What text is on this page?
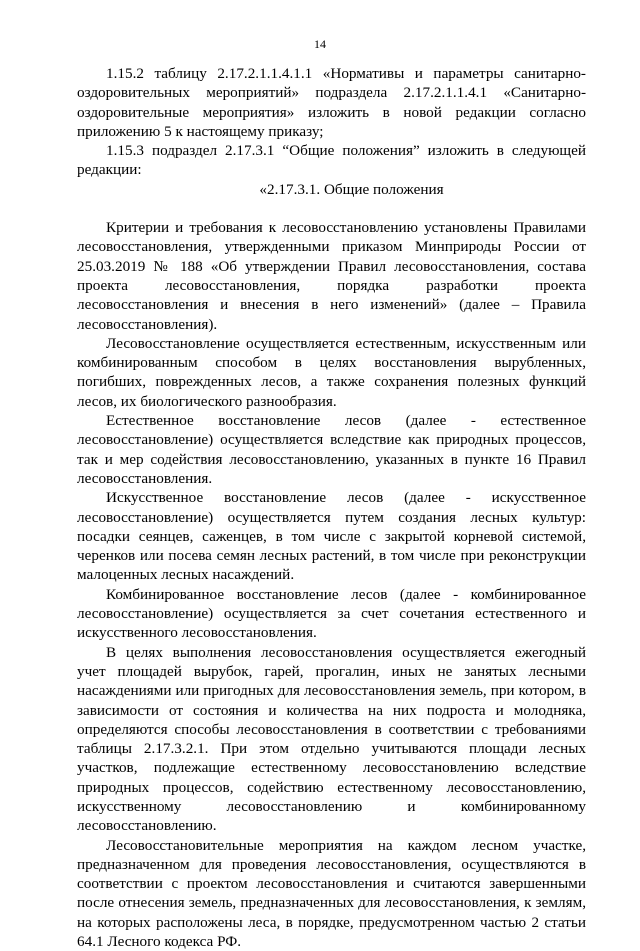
14

1.15.2 таблицу 2.17.2.1.1.4.1.1 «Нормативы и параметры санитарно-оздоровительных мероприятий» подраздела 2.17.2.1.1.4.1 «Санитарно-оздоровительные мероприятия» изложить в новой редакции согласно приложению 5 к настоящему приказу;

1.15.3 подраздел 2.17.3.1 “Общие положения” изложить в следующей редакции:

«2.17.3.1. Общие положения

Критерии и требования к лесовосстановлению установлены Правилами лесовосстановления, утвержденными приказом Минприроды России от 25.03.2019 № 188 «Об утверждении Правил лесовосстановления, состава проекта лесовосстановления, порядка разработки проекта лесовосстановления и внесения в него изменений» (далее – Правила лесовосстановления).

Лесовосстановление осуществляется естественным, искусственным или комбинированным способом в целях восстановления вырубленных, погибших, поврежденных лесов, а также сохранения полезных функций лесов, их биологического разнообразия.

Естественное восстановление лесов (далее - естественное лесовосстановление) осуществляется вследствие как природных процессов, так и мер содействия лесовосстановлению, указанных в пункте 16 Правил лесовосстановления.

Искусственное восстановление лесов (далее - искусственное лесовосстановление) осуществляется путем создания лесных культур: посадки сеянцев, саженцев, в том числе с закрытой корневой системой, черенков или посева семян лесных растений, в том числе при реконструкции малоценных лесных насаждений.

Комбинированное восстановление лесов (далее - комбинированное лесовосстановление) осуществляется за счет сочетания естественного и искусственного лесовосстановления.

В целях выполнения лесовосстановления осуществляется ежегодный учет площадей вырубок, гарей, прогалин, иных не занятых лесными насаждениями или пригодных для лесовосстановления земель, при котором, в зависимости от состояния и количества на них подроста и молодняка, определяются способы лесовосстановления в соответствии с требованиями таблицы 2.17.3.2.1. При этом отдельно учитываются площади лесных участков, подлежащие естественному лесовосстановлению вследствие природных процессов, содействию естественному лесовосстановлению, искусственному лесовосстановлению и комбинированному лесовосстановлению.

Лесовосстановительные мероприятия на каждом лесном участке, предназначенном для проведения лесовосстановления, осуществляются в соответствии с проектом лесовосстановления и считаются завершенными после отнесения земель, предназначенных для лесовосстановления, к землям, на которых расположены леса, в порядке, предусмотренном частью 2 статьи 64.1 Лесного кодекса РФ.
